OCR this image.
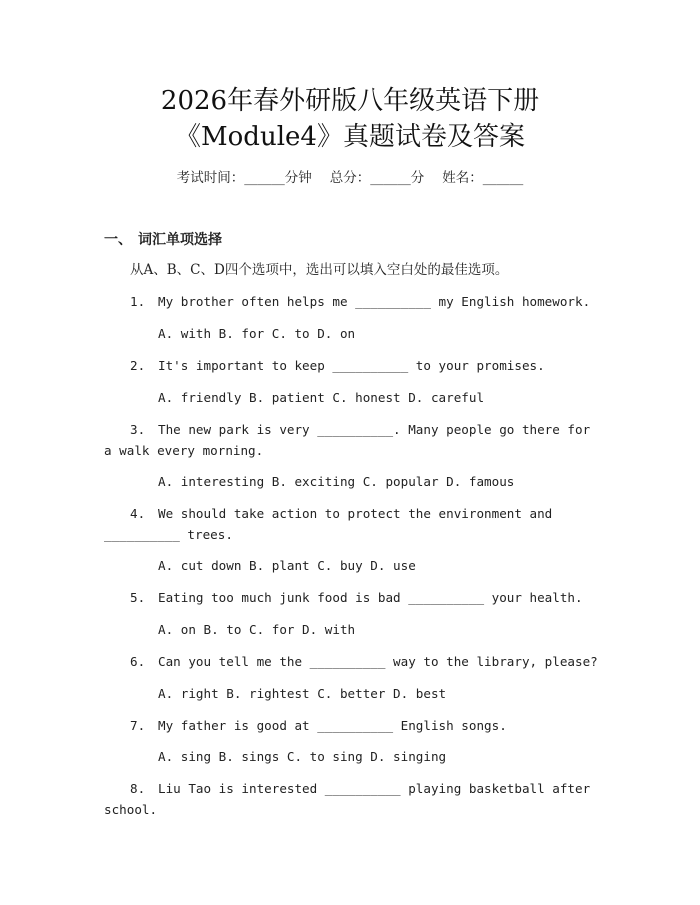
2026年春外研版八年级英语下册
《Module4》真题试卷及答案
考试时间：______分钟 总分：______分 姓名：______
一、 词汇单项选择
从A、B、C、D四个选项中，选出可以填入空白处的最佳选项。
1. My brother often helps me __________ my English homework.
A. with B. for C. to D. on
2. It's important to keep __________ to your promises.
A. friendly B. patient C. honest D. careful
3. The new park is very __________. Many people go there for a walk every morning.
A. interesting B. exciting C. popular D. famous
4. We should take action to protect the environment and __________ trees.
A. cut down B. plant C. buy D. use
5. Eating too much junk food is bad __________ your health.
A. on B. to C. for D. with
6. Can you tell me the __________ way to the library, please?
A. right B. rightest C. better D. best
7. My father is good at __________ English songs.
A. sing B. sings C. to sing D. singing
8. Liu Tao is interested __________ playing basketball after school.
